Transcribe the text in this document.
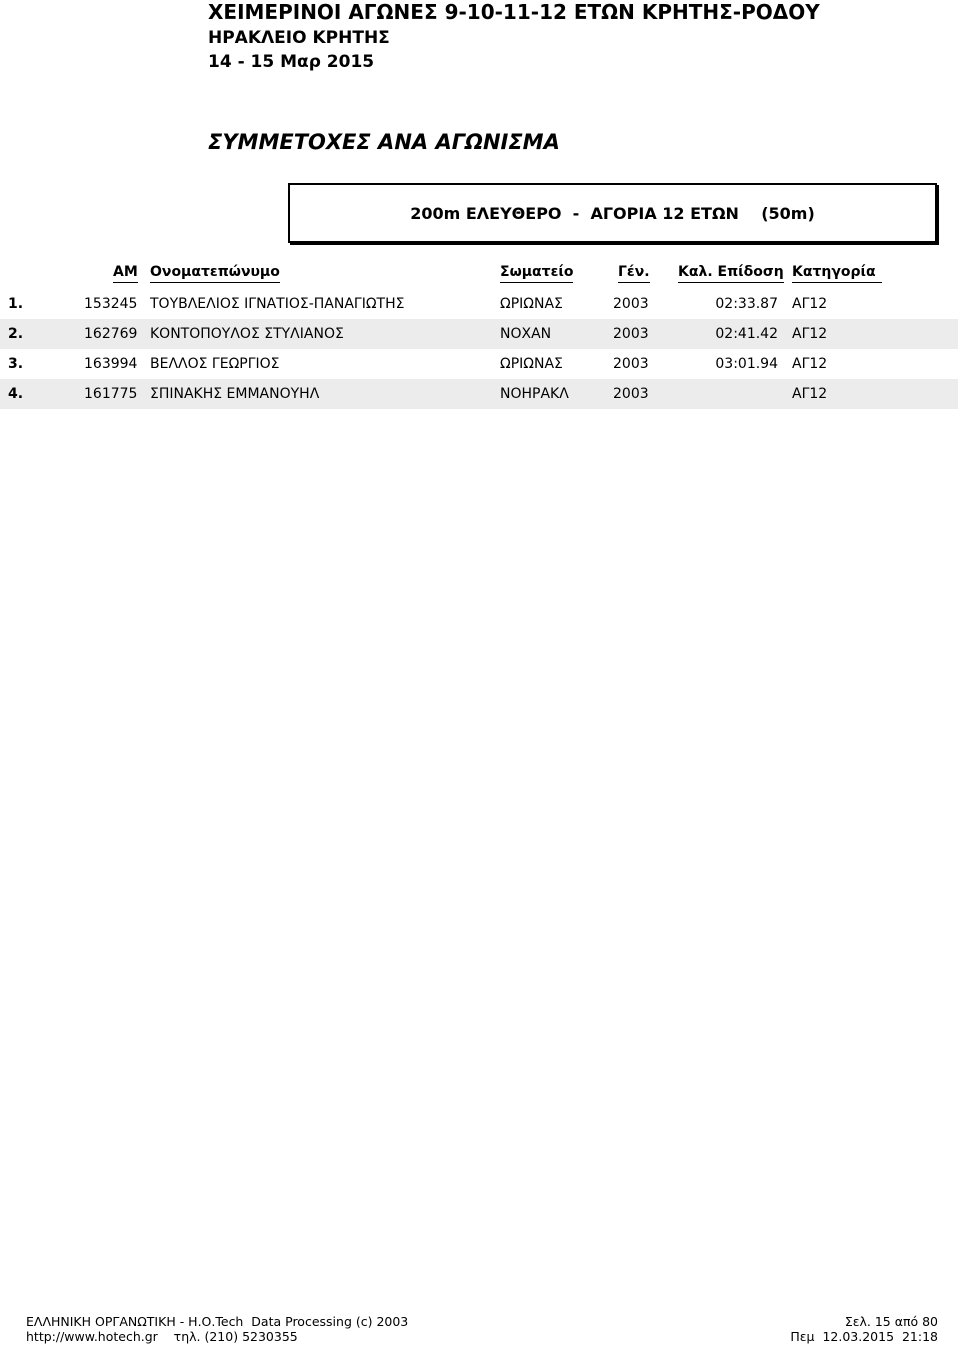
ΧΕΙΜΕΡΙΝΟΙ ΑΓΩΝΕΣ 9-10-11-12 ΕΤΩΝ ΚΡΗΤΗΣ-ΡΟΔΟΥ
ΗΡΑΚΛΕΙΟ ΚΡΗΤΗΣ
14 - 15 Μαρ 2015
ΣΥΜΜΕΤΟΧΕΣ ΑΝΑ ΑΓΩΝΙΣΜΑ
200m ΕΛΕΥΘΕΡΟ  -  ΑΓΟΡΙΑ 12 ΕΤΩΝ    (50m)
ΑΜ Ονοματεπώνυμο	Σωματείο	Γέν. Καλ. Επίδοση Κατηγορία
1.	153245 ΤΟΥΒΛΕΛΙΟΣ ΙΓΝΑΤΙΟΣ-ΠΑΝΑΓΙΩΤΗΣ	ΩΡΙΩΝΑΣ	2003	02:33.87 ΑΓ12
2.	162769 ΚΟΝΤΟΠΟΥΛΟΣ ΣΤΥΛΙΑΝΟΣ	ΝΟΧΑΝ	2003	02:41.42 ΑΓ12
3.	163994 ΒΕΛΛΟΣ ΓΕΩΡΓΙΟΣ	ΩΡΙΩΝΑΣ	2003	03:01.94 ΑΓ12
4.	161775 ΣΠΙΝΑΚΗΣ ΕΜΜΑΝΟΥΗΛ	ΝΟΗΡΑΚΛ	2003	ΑΓ12
ΕΛΛΗΝΙΚΗ ΟΡΓΑΝΩΤΙΚΗ - Η.Ο.Tech  Data Processing (c) 2003
http://www.hotech.gr    τηλ. (210) 5230355
Σελ. 15 από 80
Πεμ  12.03.2015  21:18
